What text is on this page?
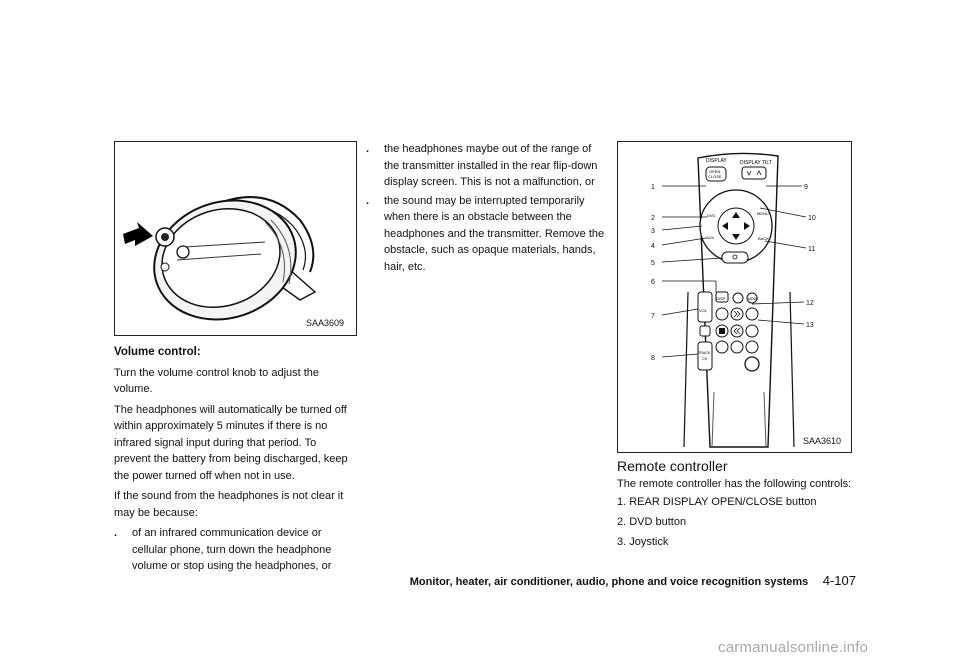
SAA3609

Volume control:

Turn the volume control knob to adjust the volume.

The headphones will automatically be turned off within approximately 5 minutes if there is no infrared signal input during that period. To prevent the battery from being discharged, keep the power turned off when not in use.

If the sound from the headphones is not clear it may be because:

.	of an infrared communication device or cellular phone, turn down the headphone volume or stop using the headphones, or
.	the headphones maybe out of the range of the transmitter installed in the rear flip-down display screen. This is not a malfunction, or
.	the sound may be interrupted temporarily when there is an obstacle between the headphones and the transmitter. Remove the obstacle, such as opaque materials, hands, hair, etc.
DISPLAY	DISPLAY TILT
OPEN
CLOSE
DVD
AUX
MENU
BACK
DISP	MODE
VOL
TRACK
CH
1
2
3
4
5
6
7
8
9
10
11
12
13
SAA3610
Remote controller
The remote controller has the following controls:
1. REAR DISPLAY OPEN/CLOSE button
2. DVD button
3. Joystick
Monitor, heater, air conditioner, audio, phone and voice recognition systems 4-107
carmanualsonline.info
